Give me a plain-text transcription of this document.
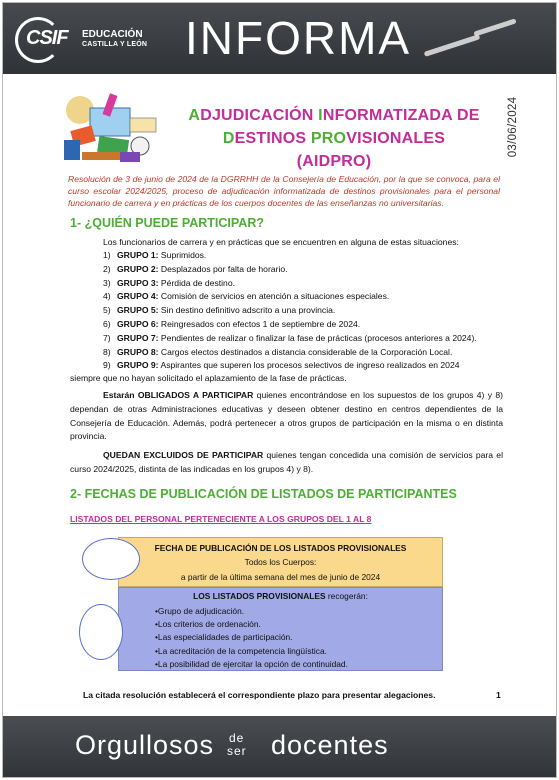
CSIF EDUCACIÓN
CASTILLA Y LEÓN INFORMA
ADJUDICACIÓN INFORMATIZADA DE
DESTINOS PROVISIONALES (AIDPRO)
03/06/2024
Resolución de 3 de junio de 2024 de la DGRRHH de la Consejería de Educación, por la que se convoca, para el curso escolar 2024/2025, proceso de adjudicación informatizada de destinos provisionales para el personal funcionario de carrera y en prácticas de los cuerpos docentes de las enseñanzas no universitarias.
1- ¿QUIÉN PUEDE PARTICIPAR?
Los funcionarios de carrera y en prácticas que se encuentren en alguna de estas situaciones:
1) GRUPO 1: Suprimidos.
2) GRUPO 2: Desplazados por falta de horario.
3) GRUPO 3: Pérdida de destino.
4) GRUPO 4: Comisión de servicios en atención a situaciones especiales.
5) GRUPO 5: Sin destino definitivo adscrito a una provincia.
6) GRUPO 6: Reingresados con efectos 1 de septiembre de 2024.
7) GRUPO 7: Pendientes de realizar o finalizar la fase de prácticas (procesos anteriores a 2024).
8) GRUPO 8: Cargos electos destinados a distancia considerable de la Corporación Local.
9) GRUPO 9: Aspirantes que superen los procesos selectivos de ingreso realizados en 2024
siempre que no hayan solicitado el aplazamiento de la fase de prácticas.
Estarán OBLIGADOS A PARTICIPAR quienes encontrándose en los supuestos de los grupos 4) y 8) dependan de otras Administraciones educativas y deseen obtener destino en centros dependientes de la Consejería de Educación. Además, podrá pertenecer a otros grupos de participación en la misma o en distinta provincia.
QUEDAN EXCLUIDOS DE PARTICIPAR quienes tengan concedida una comisión de servicios para el curso 2024/2025, distinta de las indicadas en los grupos 4) y 8).
2- FECHAS DE PUBLICACIÓN DE LISTADOS DE PARTICIPANTES
LISTADOS DEL PERSONAL PERTENECIENTE A LOS GRUPOS DEL 1 AL 8
FECHA DE PUBLICACIÓN DE LOS LISTADOS PROVISIONALES
Todos los Cuerpos:
a partir de la última semana del mes de junio de 2024
LOS LISTADOS PROVISIONALES recogerán:
•Grupo de adjudicación.
•Los criterios de ordenación.
•Las especialidades de participación.
•La acreditación de la competencia lingüística.
•La posibilidad de ejercitar la opción de continuidad.
La citada resolución establecerá el correspondiente plazo para presentar alegaciones.	1
Orgullosos de
ser docentes
